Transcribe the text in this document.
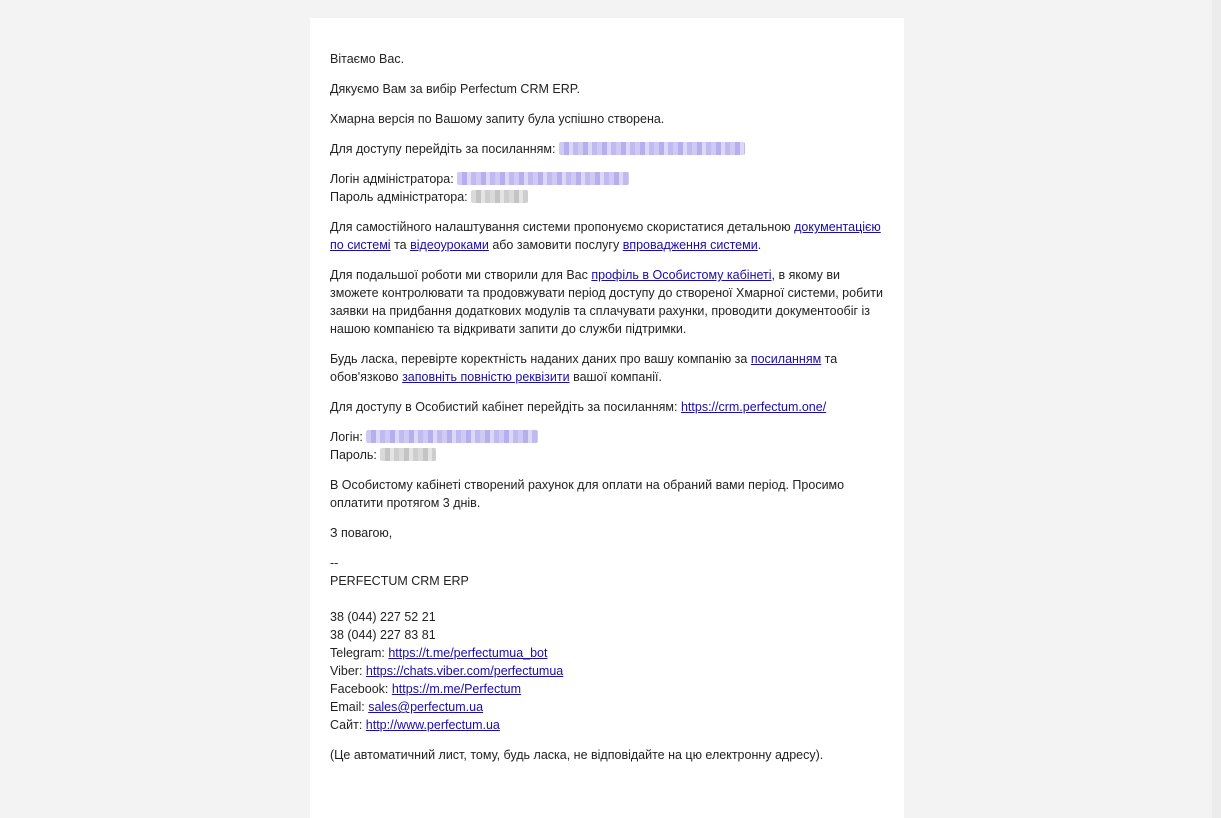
Вітаємо Вас.

Дякуємо Вам за вибір Perfectum CRM ERP.

Хмарна версія по Вашому запиту була успішно створена.

Для доступу перейдіть за посиланням:

Логін адміністратора:
Пароль адміністратора:

Для самостійного налаштування системи пропонуємо скористатися детальною документацією по системі та відеоуроками або замовити послугу впровадження системи.

Для подальшої роботи ми створили для Вас профіль в Особистому кабінеті, в якому ви зможете контролювати та продовжувати період доступу до створеної Хмарної системи, робити заявки на придбання додаткових модулів та сплачувати рахунки, проводити документообіг із нашою компанією та відкривати запити до служби підтримки.

Будь ласка, перевірте коректність наданих даних про вашу компанію за посиланням та обов'язково заповніть повністю реквізити вашої компанії.

Для доступу в Особистий кабінет перейдіть за посиланням: https://crm.perfectum.one/

Логін:
Пароль:

В Особистому кабінеті створений рахунок для оплати на обраний вами період. Просимо оплатити протягом 3 днів.

З повагою,

--
PERFECTUM CRM ERP
38 (044) 227 52 21
38 (044) 227 83 81
Telegram: https://t.me/perfectumua_bot
Viber: https://chats.viber.com/perfectumua
Facebook: https://m.me/Perfectum
Email: sales@perfectum.ua
Сайт: http://www.perfectum.ua

(Це автоматичний лист, тому, будь ласка, не відповідайте на цю електронну адресу).
